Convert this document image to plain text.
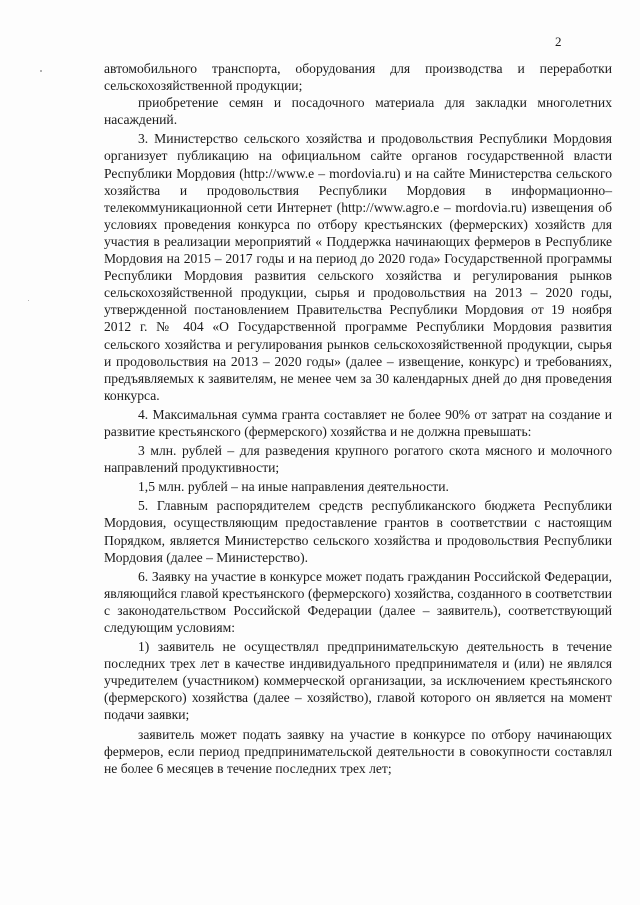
2

автомобильного транспорта, оборудования для производства и переработки сельскохозяйственной продукции;

приобретение семян и посадочного материала для закладки многолетних насаждений.

3. Министерство сельского хозяйства и продовольствия Республики Мордовия организует публикацию на официальном сайте органов государственной власти Республики Мордовия (http://www.e – mordovia.ru) и на сайте Министерства сельского хозяйства и продовольствия Республики Мордовия в информационно–телекоммуникационной сети Интернет (http://www.agro.e – mordovia.ru) извещения об условиях проведения конкурса по отбору крестьянских (фермерских) хозяйств для участия в реализации мероприятий « Поддержка начинающих фермеров в Республике Мордовия на 2015 – 2017 годы и на период до 2020 года» Государственной программы Республики Мордовия развития сельского хозяйства и регулирования рынков сельскохозяйственной продукции, сырья и продовольствия на 2013 – 2020 годы, утвержденной постановлением Правительства Республики Мордовия от 19 ноября 2012 г. № 404 «О Государственной программе Республики Мордовия развития сельского хозяйства и регулирования рынков сельскохозяйственной продукции, сырья и продовольствия на 2013 – 2020 годы» (далее – извещение, конкурс) и требованиях, предъявляемых к заявителям, не менее чем за 30 календарных дней до дня проведения конкурса.

4. Максимальная сумма гранта составляет не более 90% от затрат на создание и развитие крестьянского (фермерского) хозяйства и не должна превышать:

3 млн. рублей – для разведения крупного рогатого скота мясного и молочного направлений продуктивности;

1,5 млн. рублей – на иные направления деятельности.

5. Главным распорядителем средств республиканского бюджета Республики Мордовия, осуществляющим предоставление грантов в соответствии с настоящим Порядком, является Министерство сельского хозяйства и продовольствия Республики Мордовия (далее – Министерство).

6. Заявку на участие в конкурсе может подать гражданин Российской Федерации, являющийся главой крестьянского (фермерского) хозяйства, созданного в соответствии с законодательством Российской Федерации (далее – заявитель), соответствующий следующим условиям:

1) заявитель не осуществлял предпринимательскую деятельность в течение последних трех лет в качестве индивидуального предпринимателя и (или) не являлся учредителем (участником) коммерческой организации, за исключением крестьянского (фермерского) хозяйства (далее – хозяйство), главой которого он является на момент подачи заявки;

заявитель может подать заявку на участие в конкурсе по отбору начинающих фермеров, если период предпринимательской деятельности в совокупности составлял не более 6 месяцев в течение последних трех лет;
